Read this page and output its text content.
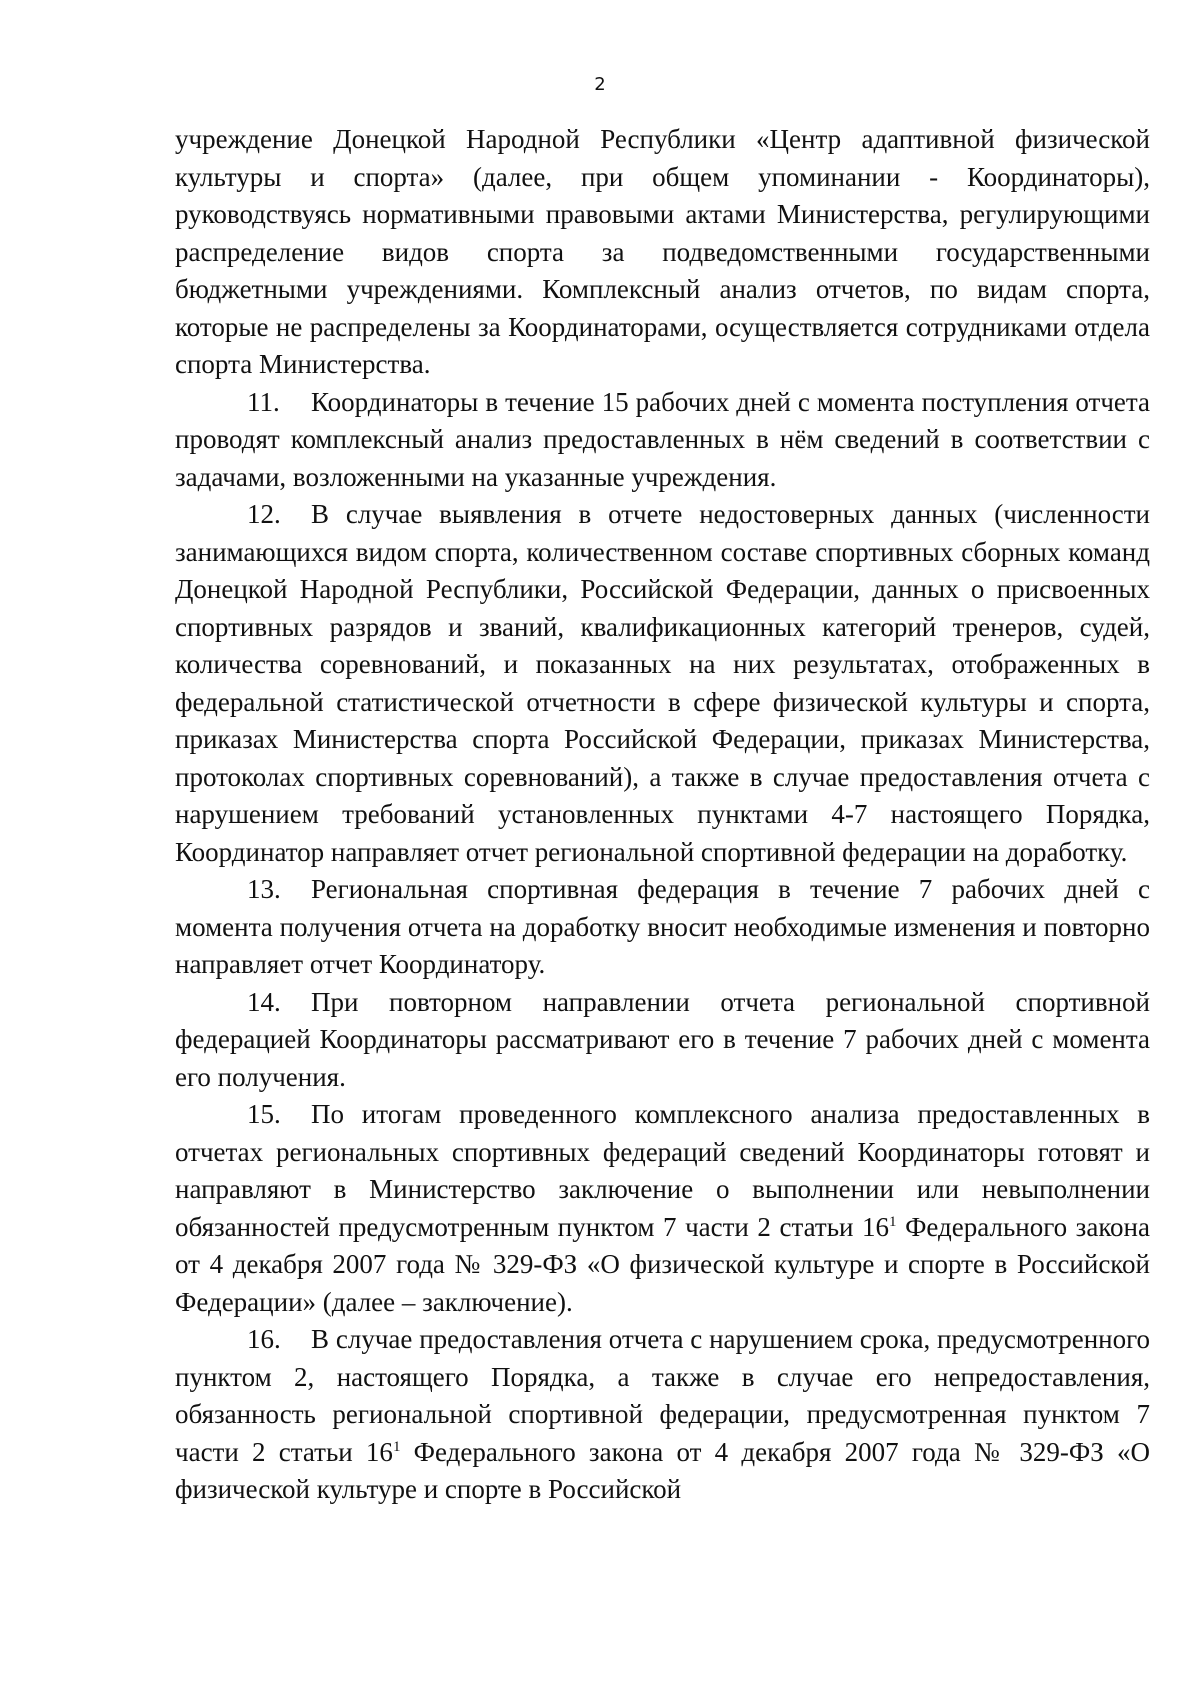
2

учреждение Донецкой Народной Республики «Центр адаптивной физической культуры и спорта» (далее, при общем упоминании - Координаторы), руководствуясь нормативными правовыми актами Министерства, регулирующими распределение видов спорта за подведомственными государственными бюджетными учреждениями. Комплексный анализ отчетов, по видам спорта, которые не распределены за Координаторами, осуществляется сотрудниками отдела спорта Министерства.

11. Координаторы в течение 15 рабочих дней с момента поступления отчета проводят комплексный анализ предоставленных в нём сведений в соответствии с задачами, возложенными на указанные учреждения.

12. В случае выявления в отчете недостоверных данных (численности занимающихся видом спорта, количественном составе спортивных сборных команд Донецкой Народной Республики, Российской Федерации, данных о присвоенных спортивных разрядов и званий, квалификационных категорий тренеров, судей, количества соревнований, и показанных на них результатах, отображенных в федеральной статистической отчетности в сфере физической культуры и спорта, приказах Министерства спорта Российской Федерации, приказах Министерства, протоколах спортивных соревнований), а также в случае предоставления отчета с нарушением требований установленных пунктами 4-7 настоящего Порядка, Координатор направляет отчет региональной спортивной федерации на доработку.

13. Региональная спортивная федерация в течение 7 рабочих дней с момента получения отчета на доработку вносит необходимые изменения и повторно направляет отчет Координатору.

14. При повторном направлении отчета региональной спортивной федерацией Координаторы рассматривают его в течение 7 рабочих дней с момента его получения.

15. По итогам проведенного комплексного анализа предоставленных в отчетах региональных спортивных федераций сведений Координаторы готовят и направляют в Министерство заключение о выполнении или невыполнении обязанностей предусмотренным пунктом 7 части 2 статьи $16^1$ Федерального закона от 4 декабря 2007 года № 329-ФЗ «О физической культуре и спорте в Российской Федерации» (далее – заключение).

16. В случае предоставления отчета с нарушением срока, предусмотренного пунктом 2, настоящего Порядка, а также в случае его непредоставления, обязанность региональной спортивной федерации, предусмотренная пунктом 7 части 2 статьи $16^1$ Федерального закона от 4 декабря 2007 года № 329-ФЗ «О физической культуре и спорте в Российской
